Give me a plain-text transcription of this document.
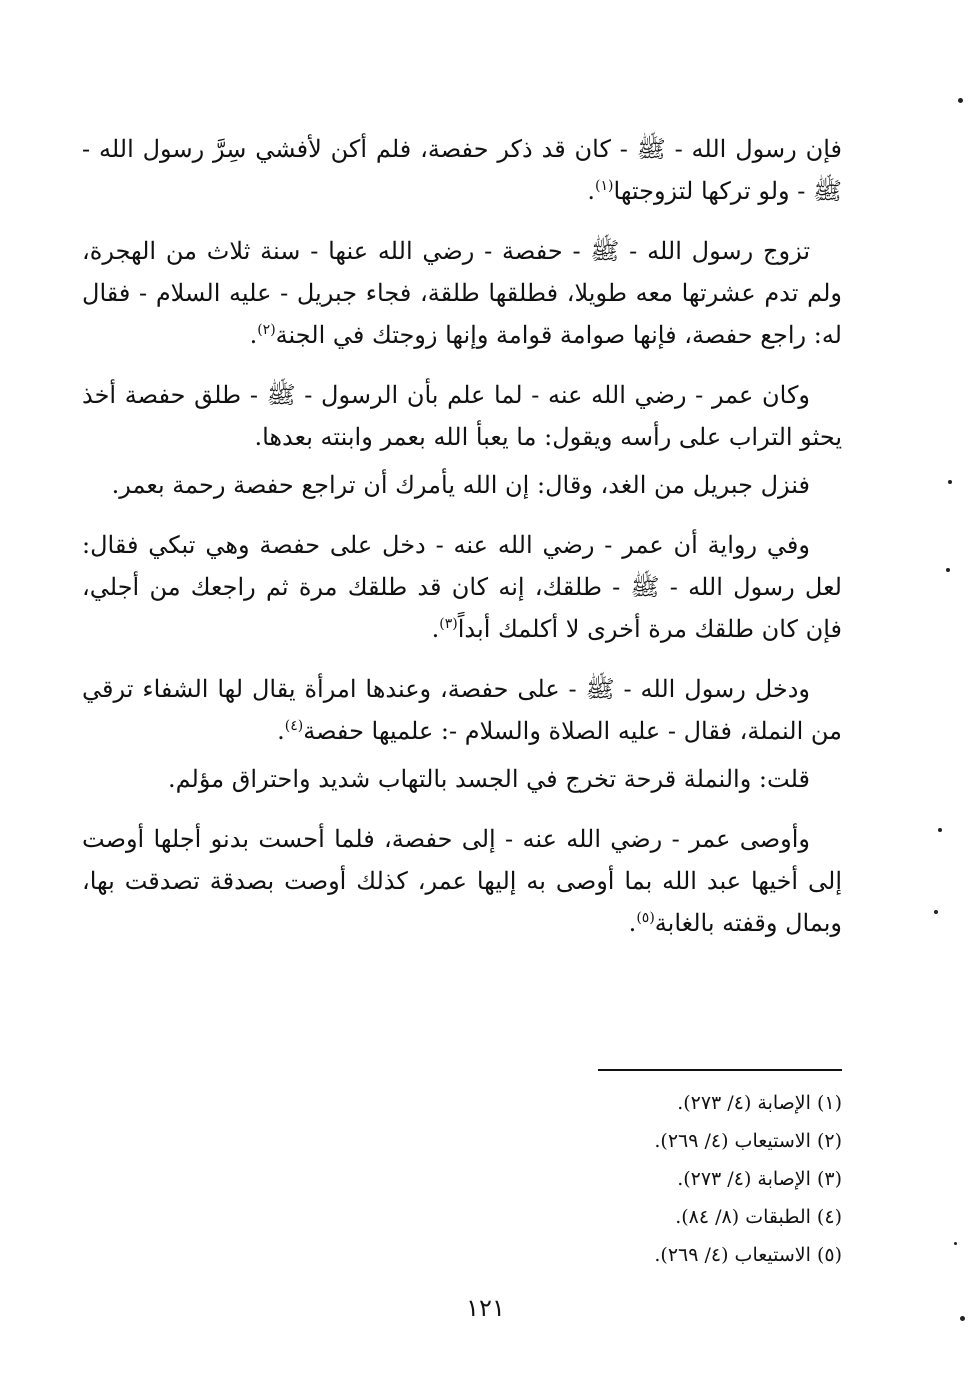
فإن رسول الله - ﷺ - كان قد ذكر حفصة، فلم أكن لأفشي سِرَّ رسول الله - ﷺ - ولو تركها لتزوجتها$^{(١)}$.

تزوج رسول الله - ﷺ - حفصة - رضي الله عنها - سنة ثلاث من الهجرة، ولم تدم عشرتها معه طويلا، فطلقها طلقة، فجاء جبريل - عليه السلام - فقال له: راجع حفصة، فإنها صوامة قوامة وإنها زوجتك في الجنة$^{(٢)}$.

وكان عمر - رضي الله عنه - لما علم بأن الرسول - ﷺ - طلق حفصة أخذ يحثو التراب على رأسه ويقول: ما يعبأ الله بعمر وابنته بعدها.

فنزل جبريل من الغد، وقال: إن الله يأمرك أن تراجع حفصة رحمة بعمر.

وفي رواية أن عمر - رضي الله عنه - دخل على حفصة وهي تبكي فقال: لعل رسول الله - ﷺ - طلقك، إنه كان قد طلقك مرة ثم راجعك من أجلي، فإن كان طلقك مرة أخرى لا أكلمك أبداً$^{(٣)}$.

ودخل رسول الله - ﷺ - على حفصة، وعندها امرأة يقال لها الشفاء ترقي من النملة، فقال - عليه الصلاة والسلام -: علميها حفصة$^{(٤)}$.

قلت: والنملة قرحة تخرج في الجسد بالتهاب شديد واحتراق مؤلم.

وأوصى عمر - رضي الله عنه - إلى حفصة، فلما أحست بدنو أجلها أوصت إلى أخيها عبد الله بما أوصى به إليها عمر، كذلك أوصت بصدقة تصدقت بها، وبمال وقفته بالغابة$^{(٥)}$.

(١) الإصابة (٤/ ٢٧٣).
(٢) الاستيعاب (٤/ ٢٦٩).
(٣) الإصابة (٤/ ٢٧٣).
(٤) الطبقات (٨/ ٨٤).
(٥) الاستيعاب (٤/ ٢٦٩).
١٢١
